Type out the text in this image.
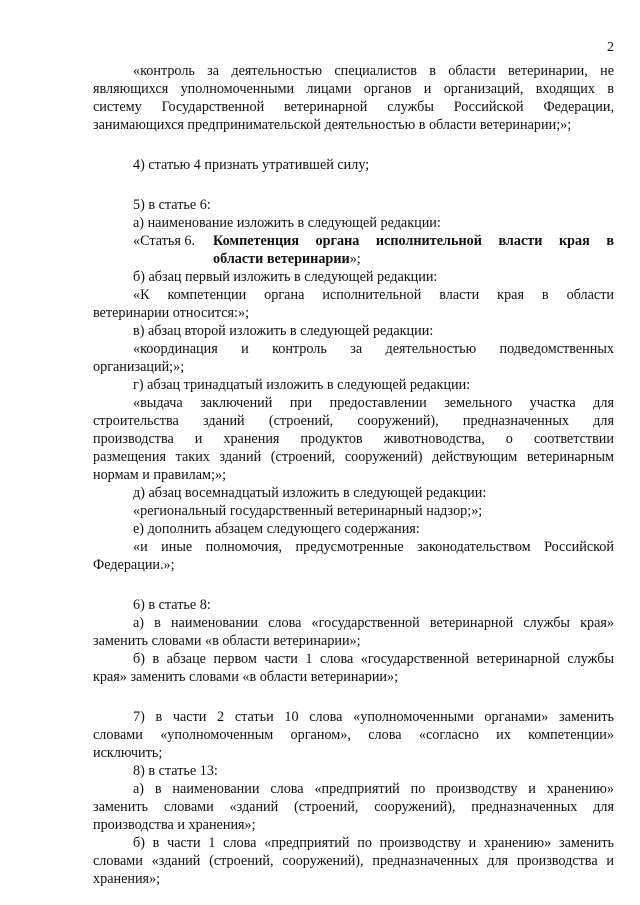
2
«контроль за деятельностью специалистов в области ветеринарии, не
являющихся уполномоченными лицами органов и организаций, входящих в
систему Государственной ветеринарной службы Российской Федерации,
занимающихся предпринимательской деятельностью в области ветеринарии;»;
4) статью 4 признать утратившей силу;
5) в статье 6:
а) наименование изложить в следующей редакции:
«Статья 6.	Компетенция органа исполнительной власти края в
области ветеринарии»;
б) абзац первый изложить в следующей редакции:
«К компетенции органа исполнительной власти края в области
ветеринарии относится:»;
в) абзац второй изложить в следующей редакции:
«координация и контроль за деятельностью подведомственных
организаций;»;
г) абзац тринадцатый изложить в следующей редакции:
«выдача заключений при предоставлении земельного участка для
строительства зданий (строений, сооружений), предназначенных для
производства и хранения продуктов животноводства, о соответствии
размещения таких зданий (строений, сооружений) действующим ветеринарным
нормам и правилам;»;
д) абзац восемнадцатый изложить в следующей редакции:
«региональный государственный ветеринарный надзор;»;
е) дополнить абзацем следующего содержания:
«и иные полномочия, предусмотренные законодательством Российской
Федерации.»;
6) в статье 8:
а) в наименовании слова «государственной ветеринарной службы края»
заменить словами «в области ветеринарии»;
б) в абзаце первом части 1 слова «государственной ветеринарной службы
края» заменить словами «в области ветеринарии»;
7) в части 2 статьи 10 слова «уполномоченными органами» заменить
словами «уполномоченным органом», слова «согласно их компетенции»
исключить;
8) в статье 13:
а) в наименовании слова «предприятий по производству и хранению»
заменить словами «зданий (строений, сооружений), предназначенных для
производства и хранения»;
б) в части 1 слова «предприятий по производству и хранению» заменить
словами «зданий (строений, сооружений), предназначенных для производства и
хранения»;
